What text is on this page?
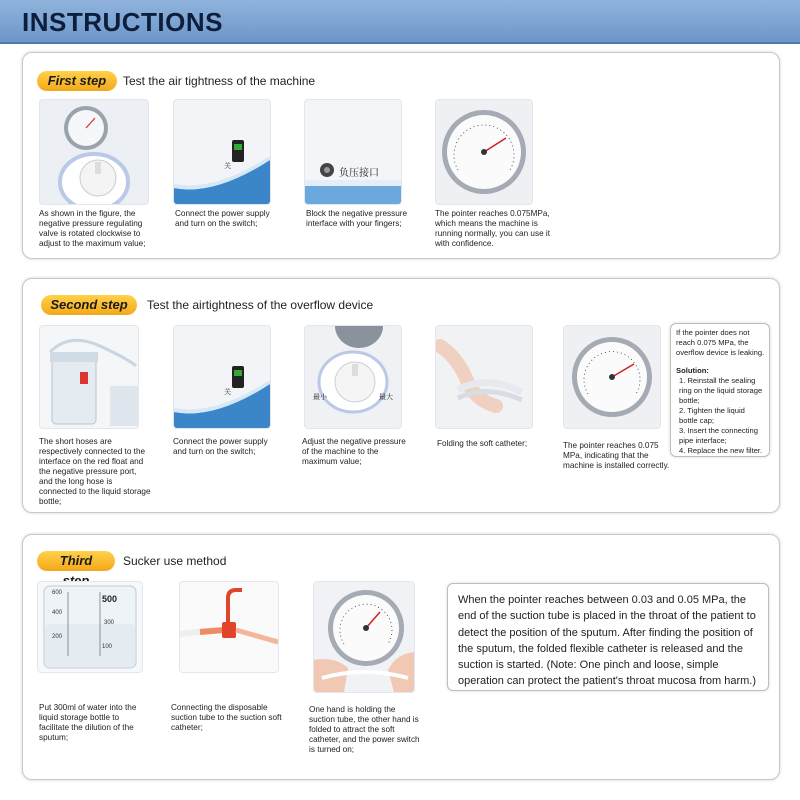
INSTRUCTIONS
First step	Test the air tightness of the machine
As shown in the figure, the negative pressure regulating valve is rotated clockwise to adjust to the maximum value;
关
Connect the power supply and turn on the switch;
负压接口
Block the negative pressure interface with your fingers;
The pointer reaches 0.075MPa, which means the machine is running normally, you can use it with confidence.
Second step	Test the airtightness of the overflow device
The short hoses are respectively connected to the interface on the red float and the negative pressure port, and the long hose is connected to the liquid storage bottle;
关
Connect the power supply and turn on the switch;
最小	最大
Adjust the negative pressure of the machine to the maximum value;
Folding the soft catheter;	The pointer reaches 0.075 MPa, indicating that the machine is installed correctly.
If the pointer does not reach 0.075 MPa, the overflow device is leaking.
Solution:
1. Reinstall the sealing ring on the liquid storage bottle;
2. Tighten the liquid bottle cap;
3. Insert the connecting pipe interface;
4. Replace the new filter.
Third	Sucker use method
600
500
400
300
200
100
Put 300ml of water into the liquid storage bottle to facilitate the dilution of the sputum;
Connecting the disposable suction tube to the suction soft catheter;
One hand is holding the suction tube, the other hand is folded to attract the soft catheter, and the power switch is turned on;
When the pointer reaches between 0.03 and 0.05 MPa, the end of the suction tube is placed in the throat of the patient to detect the position of the sputum. After finding the position of the sputum, the folded flexible catheter is released and the suction is started. (Note: One pinch and loose, simple operation can protect the patient's throat mucosa from harm.)
